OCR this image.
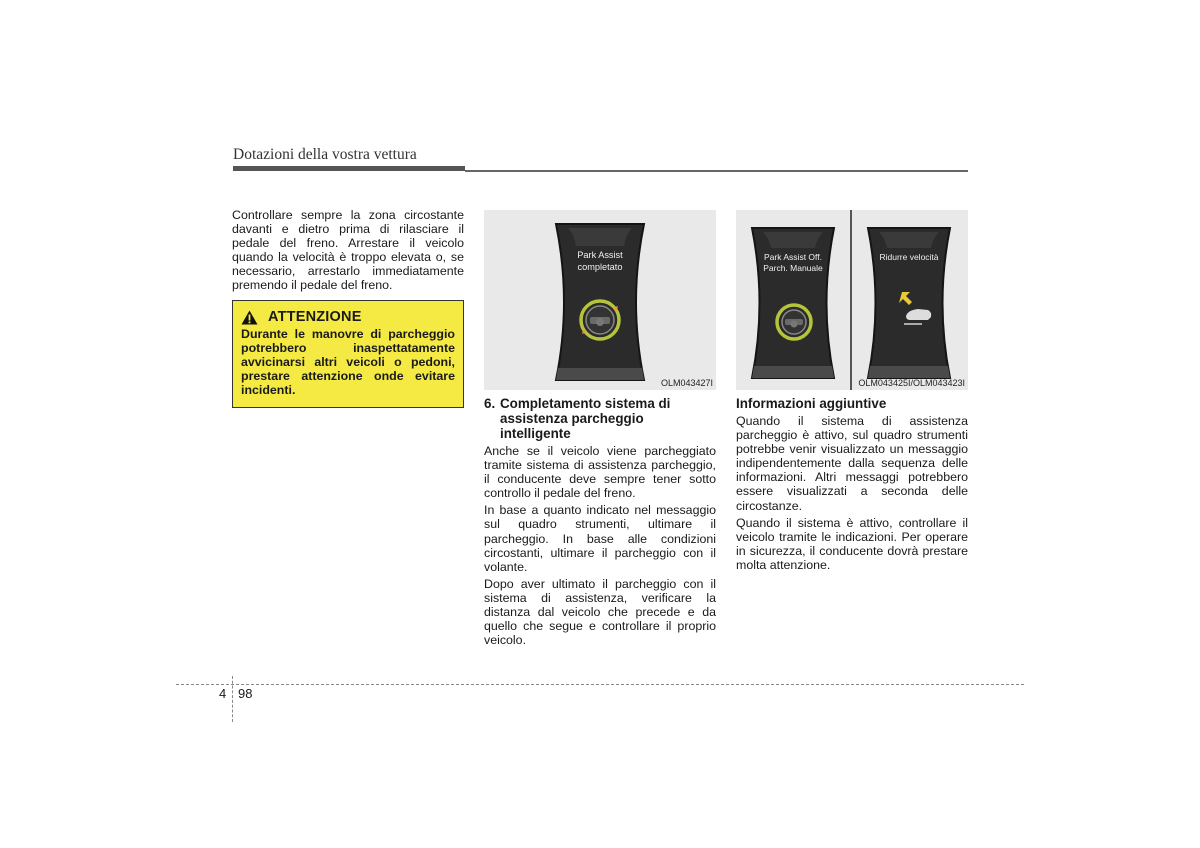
Dotazioni della vostra vettura

Controllare sempre la zona circostante davanti e dietro prima di rilasciare il pedale del freno. Arrestare il veicolo quando la velocità è troppo elevata o, se necessario, arrestarlo immediatamente premendo il pedale del freno.

ATTENZIONE
Durante le manovre di parcheggio potrebbero inaspettatamente avvicinarsi altri veicoli o pedoni, prestare attenzione onde evitare incidenti.
Park Assist
completato
OLM043427I
Park Assist Off.
Parch. Manuale
Ridurre velocità
OLM043425I/OLM043423I
6. Completamento sistema di
assistenza parcheggio
intelligente

Anche se il veicolo viene parcheggiato tramite sistema di assistenza parcheggio, il conducente deve sempre tener sotto controllo il pedale del freno.

In base a quanto indicato nel messaggio sul quadro strumenti, ultimare il parcheggio. In base alle condizioni circostanti, ultimare il parcheggio con il volante.

Dopo aver ultimato il parcheggio con il sistema di assistenza, verificare la distanza dal veicolo che precede e da quello che segue e controllare il proprio veicolo.

Informazioni aggiuntive

Quando il sistema di assistenza parcheggio è attivo, sul quadro strumenti potrebbe venir visualizzato un messaggio indipendentemente dalla sequenza delle informazioni. Altri messaggi potrebbero essere visualizzati a seconda delle circostanze.

Quando il sistema è attivo, controllare il veicolo tramite le indicazioni. Per operare in sicurezza, il conducente dovrà prestare molta attenzione.

4 98
